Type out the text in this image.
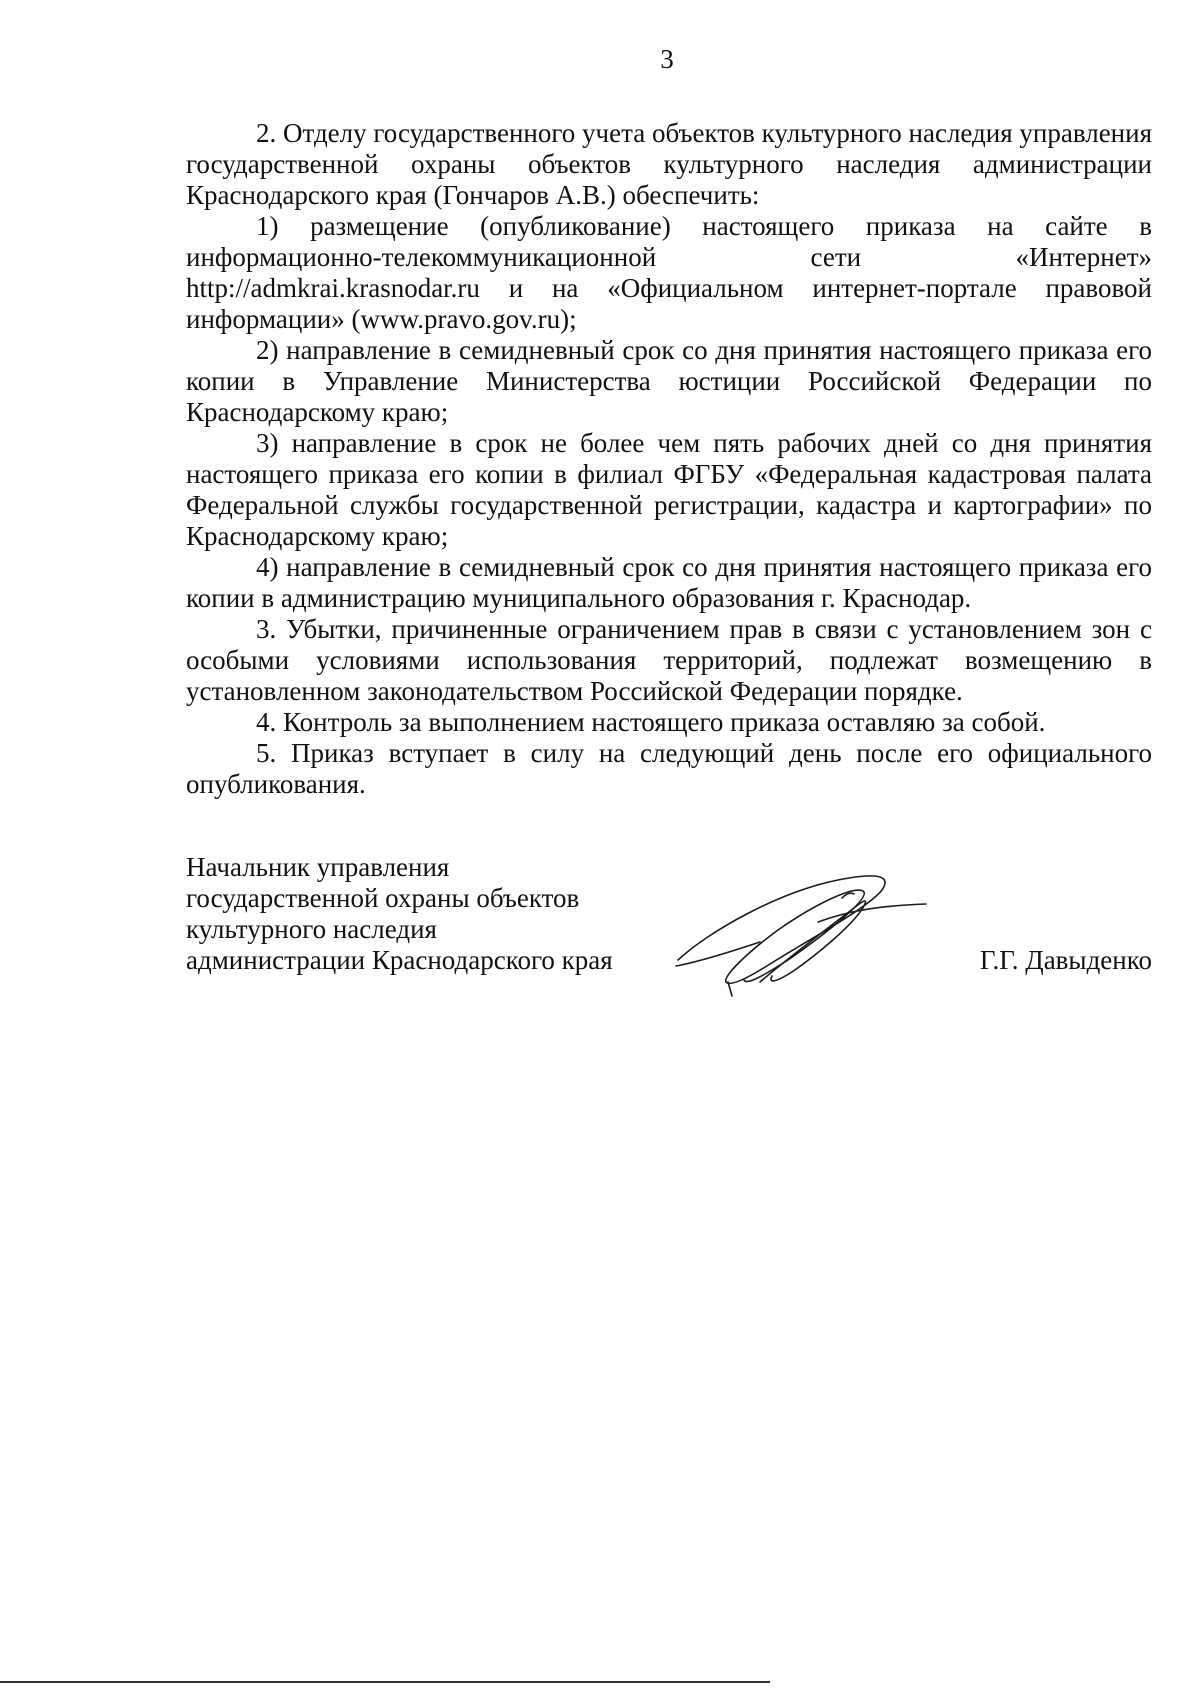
3

2. Отделу государственного учета объектов культурного наследия управления государственной охраны объектов культурного наследия администрации Краснодарского края (Гончаров А.В.) обеспечить:

1) размещение (опубликование) настоящего приказа на сайте в информационно-телекоммуникационной сети «Интернет» http://admkrai.krasnodar.ru и на «Официальном интернет-портале правовой информации» (www.pravo.gov.ru);

2) направление в семидневный срок со дня принятия настоящего приказа его копии в Управление Министерства юстиции Российской Федерации по Краснодарскому краю;

3) направление в срок не более чем пять рабочих дней со дня принятия настоящего приказа его копии в филиал ФГБУ «Федеральная кадастровая палата Федеральной службы государственной регистрации, кадастра и картографии» по Краснодарскому краю;

4) направление в семидневный срок со дня принятия настоящего приказа его копии в администрацию муниципального образования г. Краснодар.

3. Убытки, причиненные ограничением прав в связи с установлением зон с особыми условиями использования территорий, подлежат возмещению в установленном законодательством Российской Федерации порядке.

4. Контроль за выполнением настоящего приказа оставляю за собой.

5. Приказ вступает в силу на следующий день после его официального опубликования.

Начальник управления
государственной охраны объектов
культурного наследия
администрации Краснодарского края	Г.Г. Давыденко
